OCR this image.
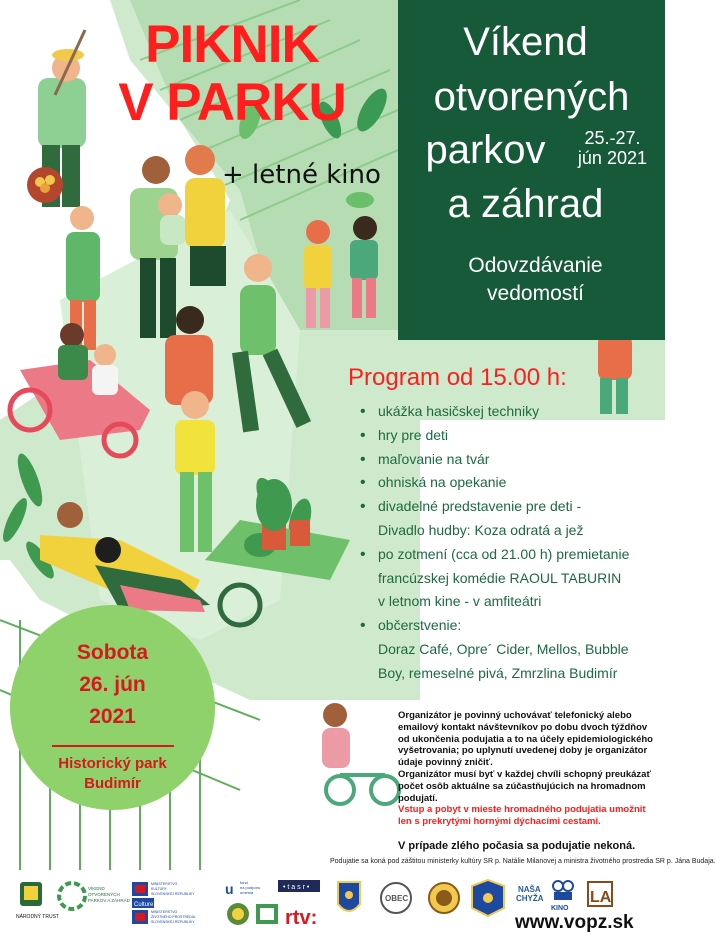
PIKNIK
V PARKU
+ letné kino
Víkend
otvorených
parkov	25.-27.
jún 2021
a záhrad
Odovzdávanie
vedomostí
Program od 15.00 h:
• ukážka hasičskej techniky
• hry pre deti
• maľovanie na tvár
• ohniská na opekanie
• divadelné predstavenie pre deti -
Divadlo hudby: Koza odratá a jež
• po zotmení (cca od 21.00 h) premietanie
francúzskej komédie RAOUL TABURIN
v letnom kine - v amfiteátri
• občerstvenie:
Doraz Café, Opre´ Cider, Mellos, Bubble
Boy, remeselné pivá, Zmrzlina Budimír
Sobota
26. jún
2021
Historický park
Budimír
Organizátor je povinný uchovávať telefonický alebo emailový kontakt návštevníkov po dobu dvoch týždňov od ukončenia podujatia a to na účely epidemiologického vyšetrovania; po uplynutí uvedenej doby je organizátor údaje povinný zničiť.
Organizátor musí byť v každej chvíli schopný preukázať počet osôb aktuálne sa zúčastňujúcich na hromadnom podujatí.
Vstup a pobyt v mieste hromadného podujatia umožnit len s prekrytými hornými dýchacími cestami.
V prípade zlého počasia sa podujatie nekoná.
Podujatie sa koná pod záštitou ministerky kultúry SR p. Natálie Milanovej a ministra životného prostredia SR p. Jána Budaja.
NÁRODNÝ TRUST
VÍKEND
OTVORENÝCH
PARKOV A ZÁHRAD
MINISTERSTVO
KULTÚRY
SLOVENSKEJ REPUBLIKY
MINISTERSTVO
ŽIVOTNÉHO PROSTREDIA
SLOVENSKEJ REPUBLIKY
Culture
u fond
na podporu
umenia
• t a s r •
rtv:
OBEC
NAŠA
CHYŽA
KINO
LA
www.vopz.sk
